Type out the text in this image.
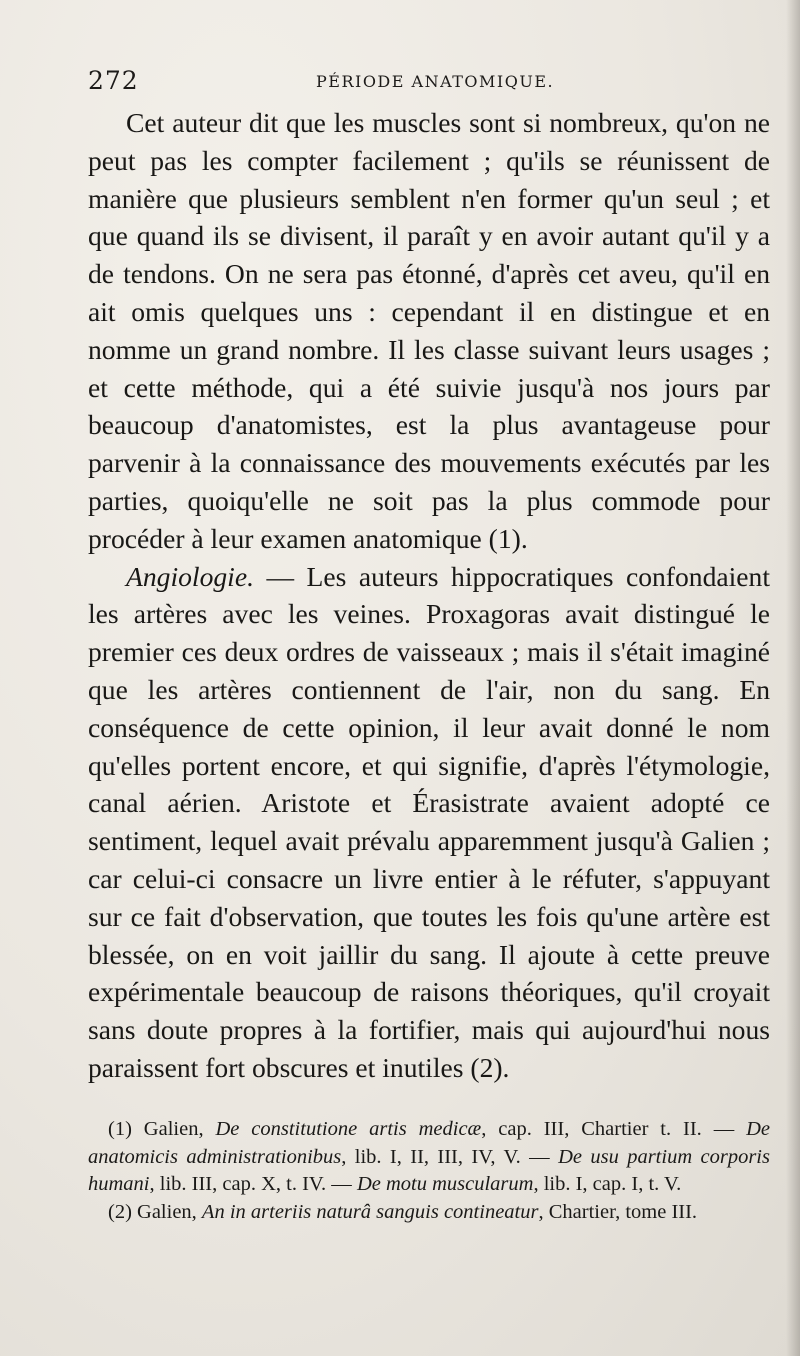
272	PÉRIODE ANATOMIQUE.

Cet auteur dit que les muscles sont si nombreux, qu'on ne peut pas les compter facilement ; qu'ils se réunissent de manière que plusieurs semblent n'en former qu'un seul ; et que quand ils se divisent, il paraît y en avoir autant qu'il y a de tendons. On ne sera pas étonné, d'après cet aveu, qu'il en ait omis quelques uns : cependant il en distingue et en nomme un grand nombre. Il les classe suivant leurs usages ; et cette méthode, qui a été suivie jusqu'à nos jours par beaucoup d'anatomistes, est la plus avantageuse pour parvenir à la connaissance des mouvements exécutés par les parties, quoiqu'elle ne soit pas la plus commode pour procéder à leur examen anatomique (1).

Angiologie. — Les auteurs hippocratiques confondaient les artères avec les veines. Proxagoras avait distingué le premier ces deux ordres de vaisseaux ; mais il s'était imaginé que les artères contiennent de l'air, non du sang. En conséquence de cette opinion, il leur avait donné le nom qu'elles portent encore, et qui signifie, d'après l'étymologie, canal aérien. Aristote et Érasistrate avaient adopté ce sentiment, lequel avait prévalu apparemment jusqu'à Galien ; car celui-ci consacre un livre entier à le réfuter, s'appuyant sur ce fait d'observation, que toutes les fois qu'une artère est blessée, on en voit jaillir du sang. Il ajoute à cette preuve expérimentale beaucoup de raisons théoriques, qu'il croyait sans doute propres à la fortifier, mais qui aujourd'hui nous paraissent fort obscures et inutiles (2).

(1) Galien, De constitutione artis medicæ, cap. III, Chartier t. II. — De anatomicis administrationibus, lib. I, II, III, IV, V. — De usu partium corporis humani, lib. III, cap. X, t. IV. — De motu muscularum, lib. I, cap. I, t. V.

(2) Galien, An in arteriis naturâ sanguis contineatur, Chartier, tome III.
